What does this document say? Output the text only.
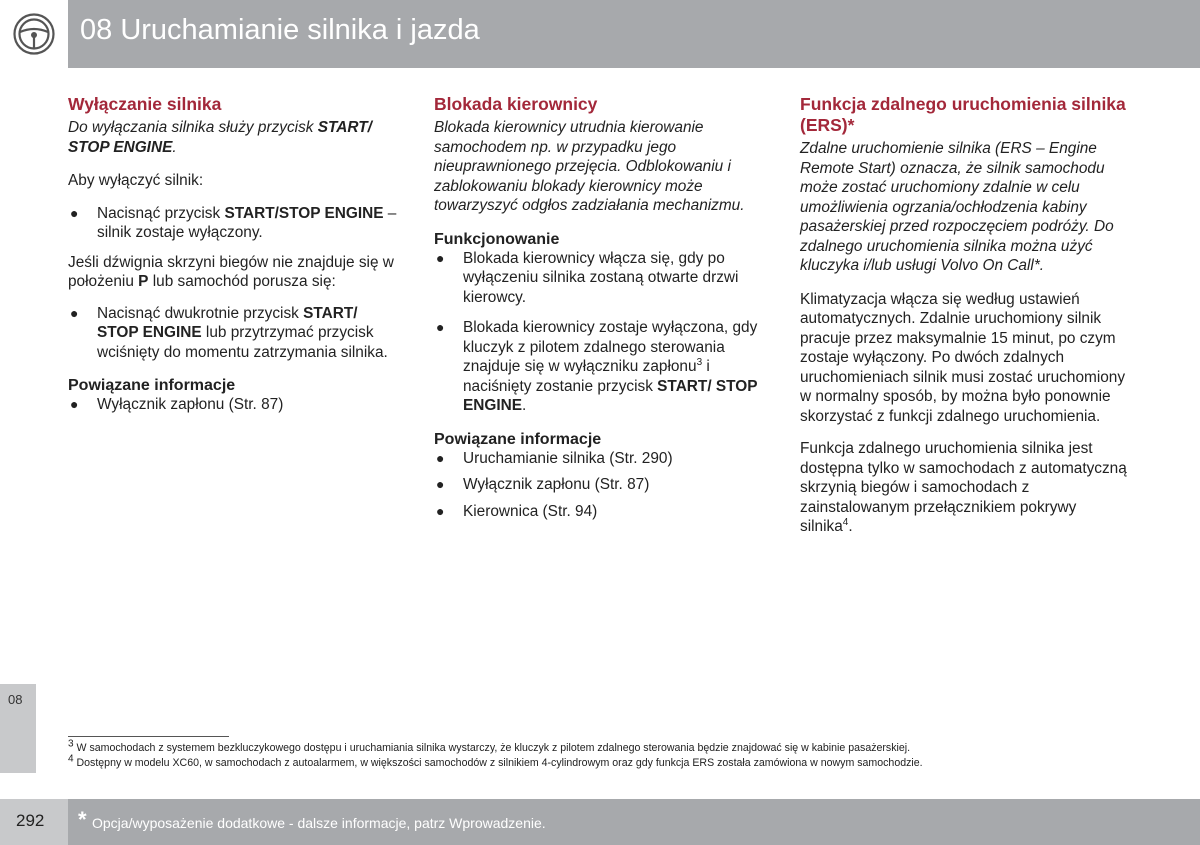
08 Uruchamianie silnika i jazda
08
Wyłączanie silnika

Do wyłączania silnika służy przycisk START/ STOP ENGINE.

Aby wyłączyć silnik:

● Nacisnąć przycisk START/STOP ENGINE – silnik zostaje wyłączony.

Jeśli dźwignia skrzyni biegów nie znajduje się w położeniu P lub samochód porusza się:

● Nacisnąć dwukrotnie przycisk START/ STOP ENGINE lub przytrzymać przycisk wciśnięty do momentu zatrzymania silnika.
Powiązane informacje
● Wyłącznik zapłonu (Str. 87)
Blokada kierownicy

Blokada kierownicy utrudnia kierowanie samochodem np. w przypadku jego nieuprawnionego przejęcia. Odblokowaniu i zablokowaniu blokady kierownicy może towarzyszyć odgłos zadziałania mechanizmu.

Funkcjonowanie
● Blokada kierownicy włącza się, gdy po wyłączeniu silnika zostaną otwarte drzwi kierowcy.
● Blokada kierownicy zostaje wyłączona, gdy kluczyk z pilotem zdalnego sterowania znajduje się w wyłączniku zapłonu$^3$ i naciśnięty zostanie przycisk START/ STOP ENGINE.
Powiązane informacje
● Uruchamianie silnika (Str. 290)
● Wyłącznik zapłonu (Str. 87)
● Kierownica (Str. 94)
Funkcja zdalnego uruchomienia silnika (ERS)*

Zdalne uruchomienie silnika (ERS – Engine Remote Start) oznacza, że silnik samochodu może zostać uruchomiony zdalnie w celu umożliwienia ogrzania/ochłodzenia kabiny pasażerskiej przed rozpoczęciem podróży. Do zdalnego uruchomienia silnika można użyć kluczyka i/lub usługi Volvo On Call*.

Klimatyzacja włącza się według ustawień automatycznych. Zdalnie uruchomiony silnik pracuje przez maksymalnie 15 minut, po czym zostaje wyłączony. Po dwóch zdalnych uruchomieniach silnik musi zostać uruchomiony w normalny sposób, by można było ponownie skorzystać z funkcji zdalnego uruchomienia.

Funkcja zdalnego uruchomienia silnika jest dostępna tylko w samochodach z automatyczną skrzynią biegów i samochodach z zainstalowanym przełącznikiem pokrywy silnika$^4$.

$^3$ W samochodach z systemem bezkluczykowego dostępu i uruchamiania silnika wystarczy, że kluczyk z pilotem zdalnego sterowania będzie znajdować się w kabinie pasażerskiej.
$^4$ Dostępny w modelu XC60, w samochodach z autoalarmem, w większości samochodów z silnikiem 4-cylindrowym oraz gdy funkcja ERS została zamówiona w nowym samochodzie.
292 * Opcja/wyposażenie dodatkowe - dalsze informacje, patrz Wprowadzenie.
